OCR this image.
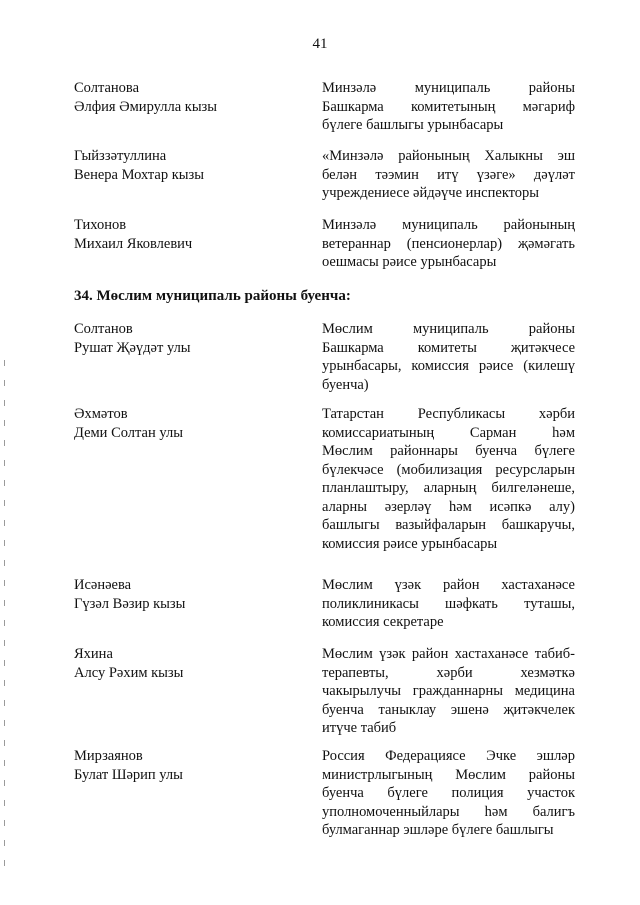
41
Солтанова
Әлфия Әмирулла кызы
Минзәлә муниципаль районы
Башкарма комитетының мәгариф
бүлеге башлыгы урынбасары
Гыйззәтуллина
Венера Мохтар кызы
«Минзәлә районының Халыкны эш
белән тәэмин итү үзәге» дәүләт
учреждениесе әйдәүче инспекторы
Тихонов
Михаил Яковлевич
Минзәлә муниципаль районының
ветераннар (пенсионерлар) җәмәгать
оешмасы рәисе урынбасары
34. Мөслим муниципаль районы буенча:
Солтанов
Рушат Җәүдәт улы
Мөслим муниципаль районы
Башкарма комитеты җитәкчесе
урынбасары, комиссия рәисе (килешү
буенча)
Әхмәтов
Деми Солтан улы
Татарстан Республикасы хәрби
комиссариатының Сарман һәм
Мөслим районнары буенча бүлеге
бүлекчәсе (мобилизация ресурсларын
планлаштыру, аларның билгеләнеше,
аларны әзерләү һәм исәпкә алу)
башлыгы вазыйфаларын башкаручы,
комиссия рәисе урынбасары
Исәнәева
Гүзәл Вәзир кызы
Мөслим үзәк район хастаханәсе
поликлиникасы шәфкать туташы,
комиссия секретаре
Яхина
Алсу Рәхим кызы
Мөслим үзәк район хастаханәсе табиб-
терапевты, хәрби хезмәткә
чакырылучы гражданнарны медицина
буенча таныклау эшенә җитәкчелек
итүче табиб
Мирзаянов
Булат Шәрип улы
Россия Федерациясе Эчке эшләр
министрлыгының Мөслим районы
буенча бүлеге полиция участок
уполномоченныйлары һәм балигъ
булмаганнар эшләре бүлеге башлыгы
